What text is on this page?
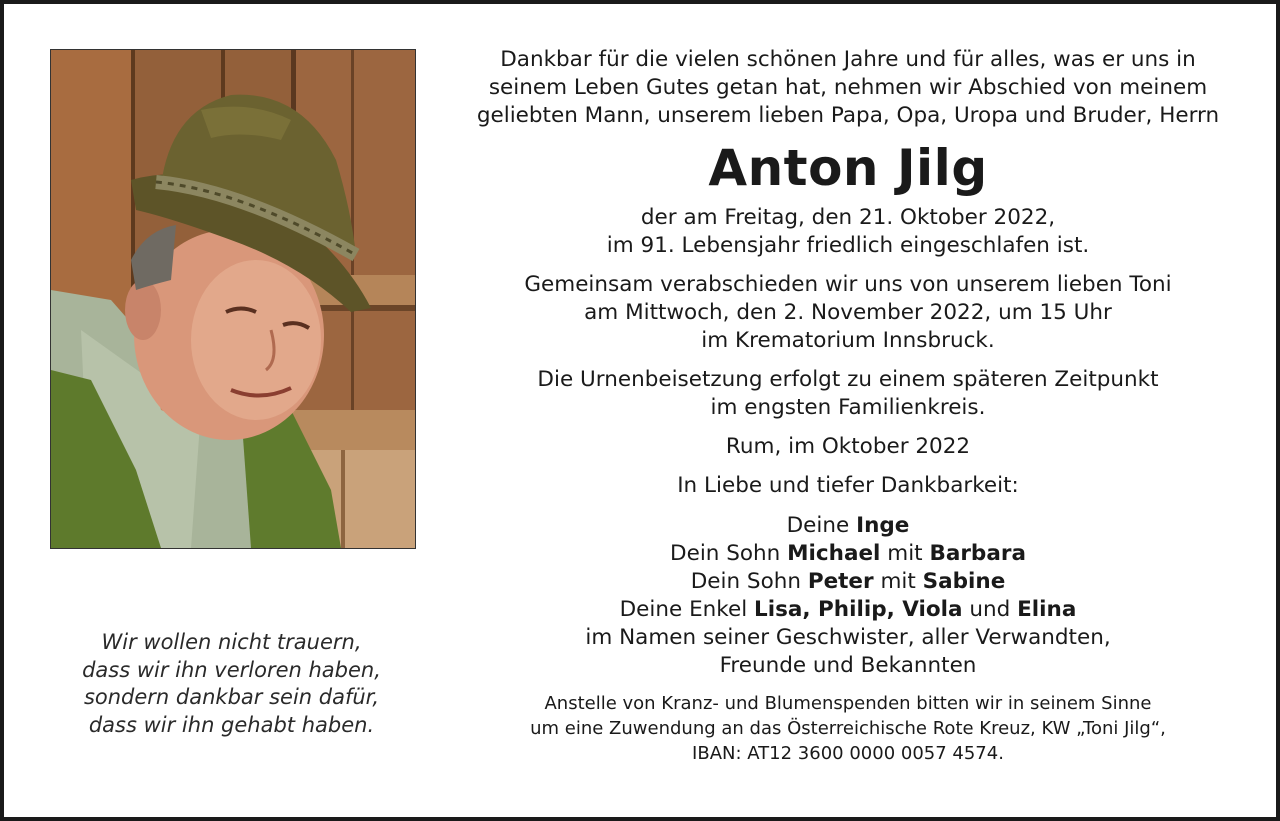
Wir wollen nicht trauern,
dass wir ihn verloren haben,
sondern dankbar sein dafür,
dass wir ihn gehabt haben.
Dankbar für die vielen schönen Jahre und für alles, was er uns in
seinem Leben Gutes getan hat, nehmen wir Abschied von meinem
geliebten Mann, unserem lieben Papa, Opa, Uropa und Bruder, Herrn
Anton Jilg
der am Freitag, den 21. Oktober 2022,
im 91. Lebensjahr friedlich eingeschlafen ist.
Gemeinsam verabschieden wir uns von unserem lieben Toni
am Mittwoch, den 2. November 2022, um 15 Uhr
im Krematorium Innsbruck.
Die Urnenbeisetzung erfolgt zu einem späteren Zeitpunkt
im engsten Familienkreis.
Rum, im Oktober 2022
In Liebe und tiefer Dankbarkeit:
Deine Inge
Dein Sohn Michael mit Barbara
Dein Sohn Peter mit Sabine
Deine Enkel Lisa, Philip, Viola und Elina
im Namen seiner Geschwister, aller Verwandten,
Freunde und Bekannten
Anstelle von Kranz- und Blumenspenden bitten wir in seinem Sinne
um eine Zuwendung an das Österreichische Rote Kreuz, KW „Toni Jilg“,
IBAN: AT12 3600 0000 0057 4574.
